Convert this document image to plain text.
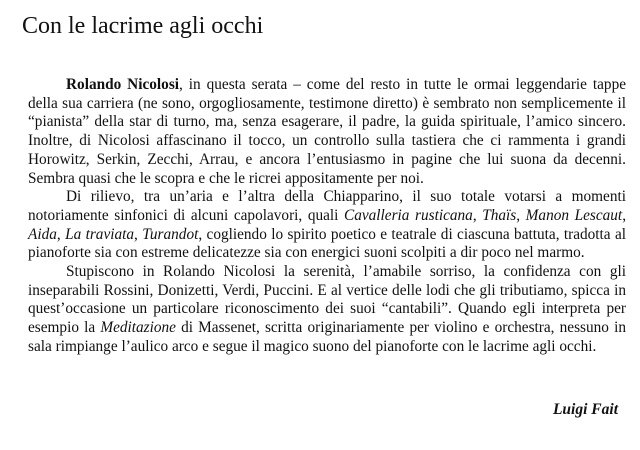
Con le lacrime agli occhi

Rolando Nicolosi, in questa serata – come del resto in tutte le ormai leggendarie tappe della sua carriera (ne sono, orgogliosamente, testimone diretto) è sembrato non semplicemente il “pianista” della star di turno, ma, senza esagerare, il padre, la guida spirituale, l’amico sincero. Inoltre, di Nicolosi affascinano il tocco, un controllo sulla tastiera che ci rammenta i grandi Horowitz, Serkin, Zecchi, Arrau, e ancora l’entusiasmo in pagine che lui suona da decenni. Sembra quasi che le scopra e che le ricrei appositamente per noi.

Di rilievo, tra un’aria e l’altra della Chiapparino, il suo totale votarsi a momenti notoriamente sinfonici di alcuni capolavori, quali Cavalleria rusticana, Thaïs, Manon Lescaut, Aida, La traviata, Turandot, cogliendo lo spirito poetico e teatrale di ciascuna battuta, tradotta al pianoforte sia con estreme delicatezze sia con energici suoni scolpiti a dir poco nel marmo.

Stupiscono in Rolando Nicolosi la serenità, l’amabile sorriso, la confidenza con gli inseparabili Rossini, Donizetti, Verdi, Puccini. E al vertice delle lodi che gli tributiamo, spicca in quest’occasione un particolare riconoscimento dei suoi “cantabili”. Quando egli interpreta per esempio la Meditazione di Massenet, scritta originariamente per violino e orchestra, nessuno in sala rimpiange l’aulico arco e segue il magico suono del pianoforte con le lacrime agli occhi.

Luigi Fait
